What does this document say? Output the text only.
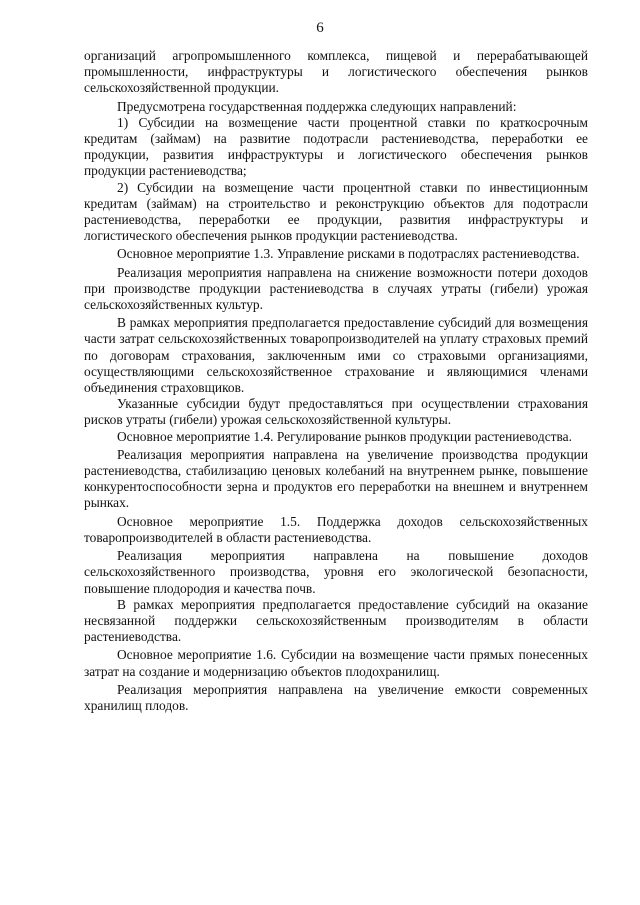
6

организаций агропромышленного комплекса, пищевой и перерабатывающей промышленности, инфраструктуры и логистического обеспечения рынков сельскохозяйственной продукции.

Предусмотрена государственная поддержка следующих направлений:

1) Субсидии на возмещение части процентной ставки по краткосрочным кредитам (займам) на развитие подотрасли растениеводства, переработки ее продукции, развития инфраструктуры и логистического обеспечения рынков продукции растениеводства;

2) Субсидии на возмещение части процентной ставки по инвестиционным кредитам (займам) на строительство и реконструкцию объектов для подотрасли растениеводства, переработки ее продукции, развития инфраструктуры и логистического обеспечения рынков продукции растениеводства.

Основное мероприятие 1.3. Управление рисками в подотраслях растениеводства.

Реализация мероприятия направлена на снижение возможности потери доходов при производстве продукции растениеводства в случаях утраты (гибели) урожая сельскохозяйственных культур.

В рамках мероприятия предполагается предоставление субсидий для возмещения части затрат сельскохозяйственных товаропроизводителей на уплату страховых премий по договорам страхования, заключенным ими со страховыми организациями, осуществляющими сельскохозяйственное страхование и являющимися членами объединения страховщиков.

Указанные субсидии будут предоставляться при осуществлении страхования рисков утраты (гибели) урожая сельскохозяйственной культуры.

Основное мероприятие 1.4. Регулирование рынков продукции растениеводства.

Реализация мероприятия направлена на увеличение производства продукции растениеводства, стабилизацию ценовых колебаний на внутреннем рынке, повышение конкурентоспособности зерна и продуктов его переработки на внешнем и внутреннем рынках.

Основное мероприятие 1.5. Поддержка доходов сельскохозяйственных товаропроизводителей в области растениеводства.

Реализация мероприятия направлена на повышение доходов сельскохозяйственного производства, уровня его экологической безопасности, повышение плодородия и качества почв.

В рамках мероприятия предполагается предоставление субсидий на оказание несвязанной поддержки сельскохозяйственным производителям в области растениеводства.

Основное мероприятие 1.6. Субсидии на возмещение части прямых понесенных затрат на создание и модернизацию объектов плодохранилищ.

Реализация мероприятия направлена на увеличение емкости современных хранилищ плодов.
